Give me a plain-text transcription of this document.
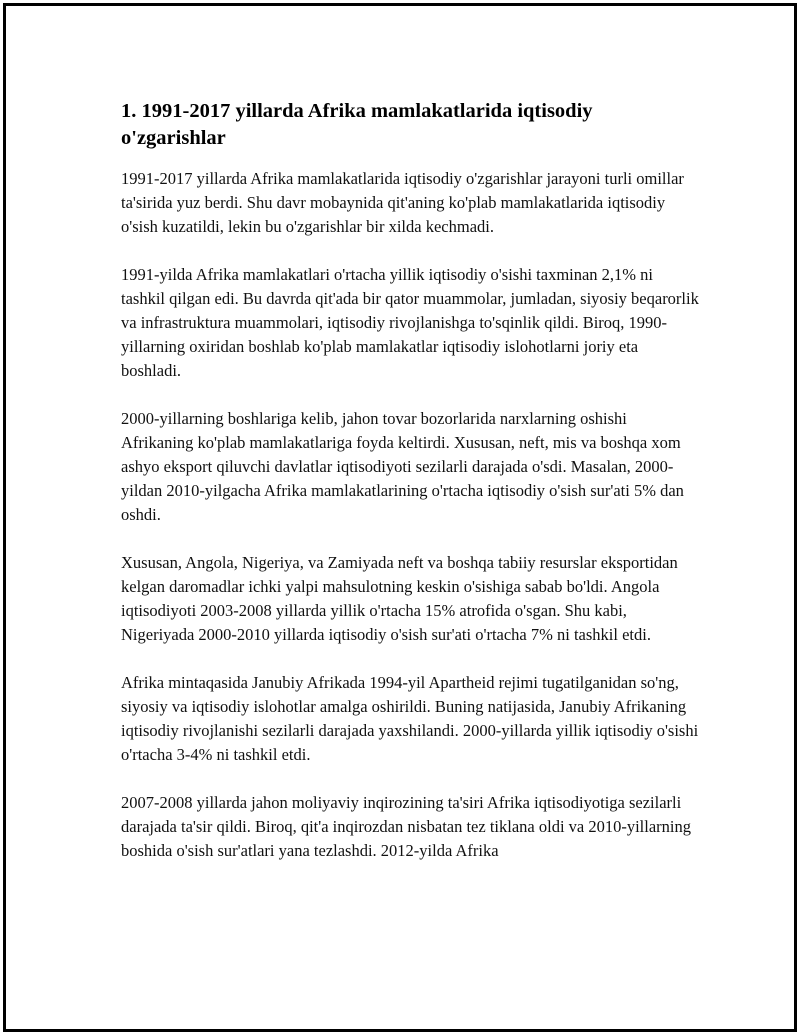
1. 1991-2017 yillarda Afrika mamlakatlarida iqtisodiy o'zgarishlar

1991-2017 yillarda Afrika mamlakatlarida iqtisodiy o'zgarishlar jarayoni turli omillar ta'sirida yuz berdi. Shu davr mobaynida qit'aning ko'plab mamlakatlarida iqtisodiy o'sish kuzatildi, lekin bu o'zgarishlar bir xilda kechmadi.

1991-yilda Afrika mamlakatlari o'rtacha yillik iqtisodiy o'sishi taxminan 2,1% ni tashkil qilgan edi. Bu davrda qit'ada bir qator muammolar, jumladan, siyosiy beqarorlik va infrastruktura muammolari, iqtisodiy rivojlanishga to'sqinlik qildi. Biroq, 1990-yillarning oxiridan boshlab ko'plab mamlakatlar iqtisodiy islohotlarni joriy eta boshladi.

2000-yillarning boshlariga kelib, jahon tovar bozorlarida narxlarning oshishi Afrikaning ko'plab mamlakatlariga foyda keltirdi. Xususan, neft, mis va boshqa xom ashyo eksport qiluvchi davlatlar iqtisodiyoti sezilarli darajada o'sdi. Masalan, 2000-yildan 2010-yilgacha Afrika mamlakatlarining o'rtacha iqtisodiy o'sish sur'ati 5% dan oshdi.

Xususan, Angola, Nigeriya, va Zamiyada neft va boshqa tabiiy resurslar eksportidan kelgan daromadlar ichki yalpi mahsulotning keskin o'sishiga sabab bo'ldi. Angola iqtisodiyoti 2003-2008 yillarda yillik o'rtacha 15% atrofida o'sgan. Shu kabi, Nigeriyada 2000-2010 yillarda iqtisodiy o'sish sur'ati o'rtacha 7% ni tashkil etdi.

Afrika mintaqasida Janubiy Afrikada 1994-yil Apartheid rejimi tugatilganidan so'ng, siyosiy va iqtisodiy islohotlar amalga oshirildi. Buning natijasida, Janubiy Afrikaning iqtisodiy rivojlanishi sezilarli darajada yaxshilandi. 2000-yillarda yillik iqtisodiy o'sishi o'rtacha 3-4% ni tashkil etdi.

2007-2008 yillarda jahon moliyaviy inqirozining ta'siri Afrika iqtisodiyotiga sezilarli darajada ta'sir qildi. Biroq, qit'a inqirozdan nisbatan tez tiklana oldi va 2010-yillarning boshida o'sish sur'atlari yana tezlashdi. 2012-yilda Afrika
